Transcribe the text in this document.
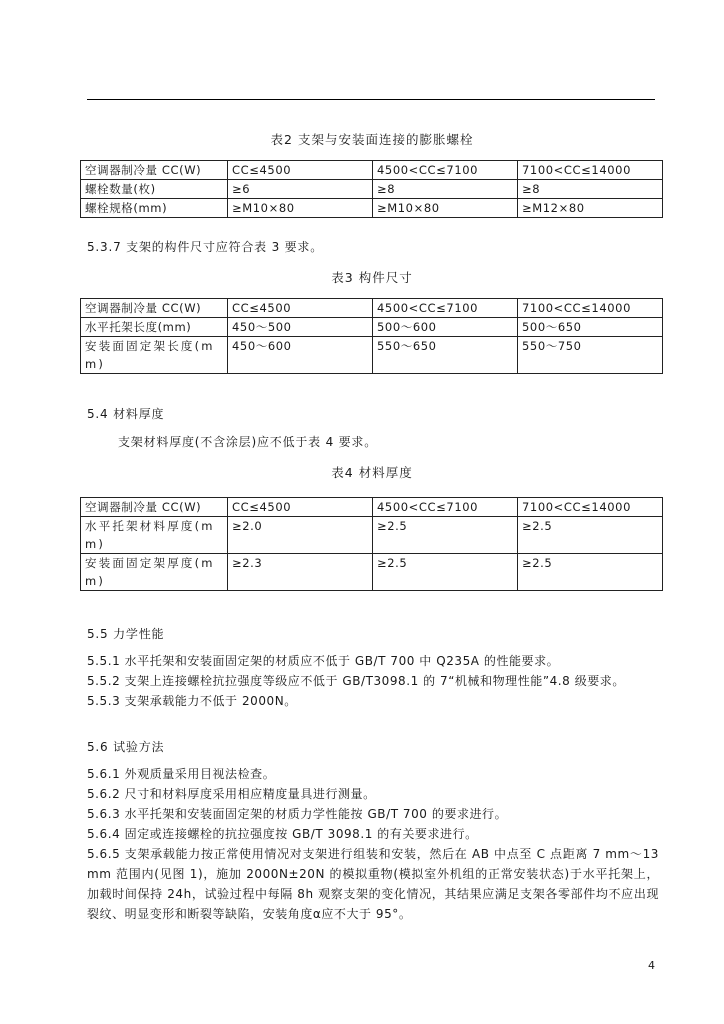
表2 支架与安装面连接的膨胀螺栓
空调器制冷量 CC(W)	CC≤4500	4500<CC≤7100	7100<CC≤14000
螺栓数量(枚)	≥6	≥8	≥8
螺栓规格(mm)	≥M10×80	≥M10×80	≥M12×80
5.3.7 支架的构件尺寸应符合表 3 要求。
表3 构件尺寸
空调器制冷量 CC(W)	CC≤4500	4500<CC≤7100	7100<CC≤14000
水平托架长度(mm)	450～500	500～600	500～650
安装面固定架长度(mm)	450～600	550～650	550～750
5.4 材料厚度
支架材料厚度(不含涂层)应不低于表 4 要求。
表4 材料厚度
空调器制冷量 CC(W)	CC≤4500	4500<CC≤7100	7100<CC≤14000
水平托架材料厚度(mm)	≥2.0	≥2.5	≥2.5
安装面固定架厚度(mm)	≥2.3	≥2.5	≥2.5
5.5 力学性能
5.5.1 水平托架和安装面固定架的材质应不低于 GB/T 700 中 Q235A 的性能要求。
5.5.2 支架上连接螺栓抗拉强度等级应不低于 GB/T3098.1 的 7“机械和物理性能”4.8 级要求。
5.5.3 支架承载能力不低于 2000N。
5.6 试验方法
5.6.1 外观质量采用目视法检查。
5.6.2 尺寸和材料厚度采用相应精度量具进行测量。
5.6.3 水平托架和安装面固定架的材质力学性能按 GB/T 700 的要求进行。
5.6.4 固定或连接螺栓的抗拉强度按 GB/T 3098.1 的有关要求进行。
5.6.5 支架承载能力按正常使用情况对支架进行组装和安装，然后在 AB 中点至 C 点距离 7 mm～13 mm 范围内(见图 1)，施加 2000N±20N 的模拟重物(模拟室外机组的正常安装状态)于水平托架上，加载时间保持 24h，试验过程中每隔 8h 观察支架的变化情况，其结果应满足支架各零部件均不应出现裂纹、明显变形和断裂等缺陷，安装角度α应不大于 95°。
4
